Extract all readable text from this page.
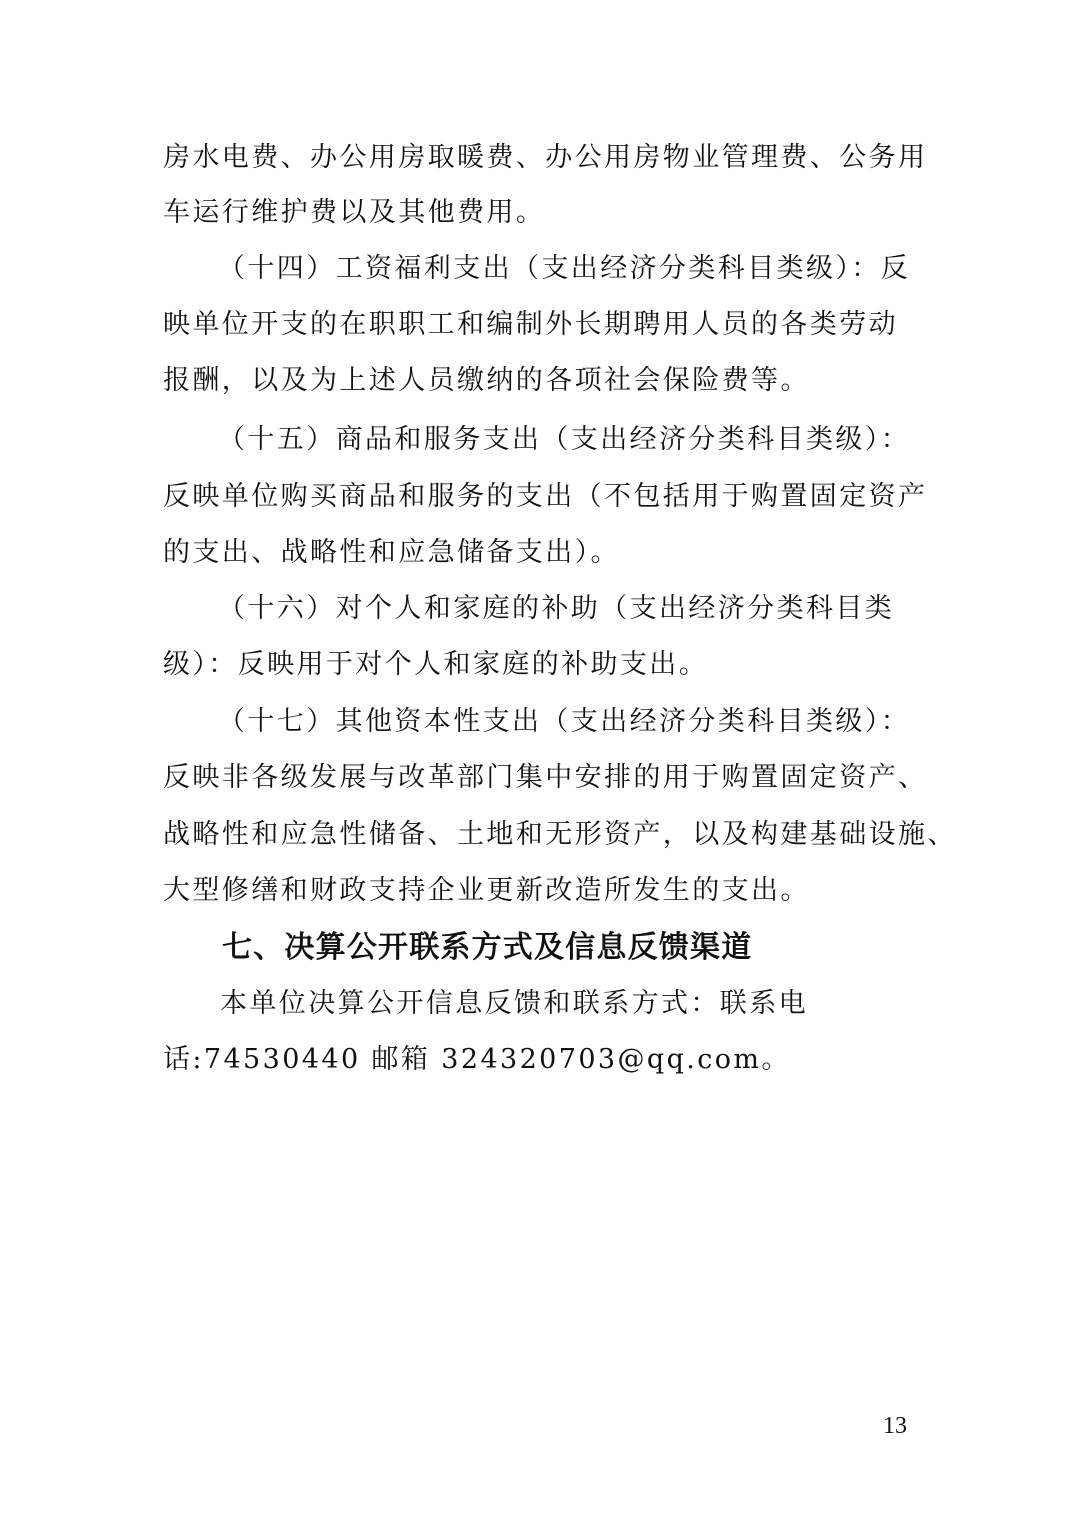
房水电费、办公用房取暖费、办公用房物业管理费、公务用
车运行维护费以及其他费用。
（十四）工资福利支出（支出经济分类科目类级）：反
映单位开支的在职职工和编制外长期聘用人员的各类劳动
报酬，以及为上述人员缴纳的各项社会保险费等。
（十五）商品和服务支出（支出经济分类科目类级）：
反映单位购买商品和服务的支出（不包括用于购置固定资产
的支出、战略性和应急储备支出）。
（十六）对个人和家庭的补助（支出经济分类科目类
级）：反映用于对个人和家庭的补助支出。
（十七）其他资本性支出（支出经济分类科目类级）：
反映非各级发展与改革部门集中安排的用于购置固定资产、
战略性和应急性储备、土地和无形资产，以及构建基础设施、
大型修缮和财政支持企业更新改造所发生的支出。
七、决算公开联系方式及信息反馈渠道
本单位决算公开信息反馈和联系方式：联系电
话:74530440 邮箱 324320703@qq.com。
13
